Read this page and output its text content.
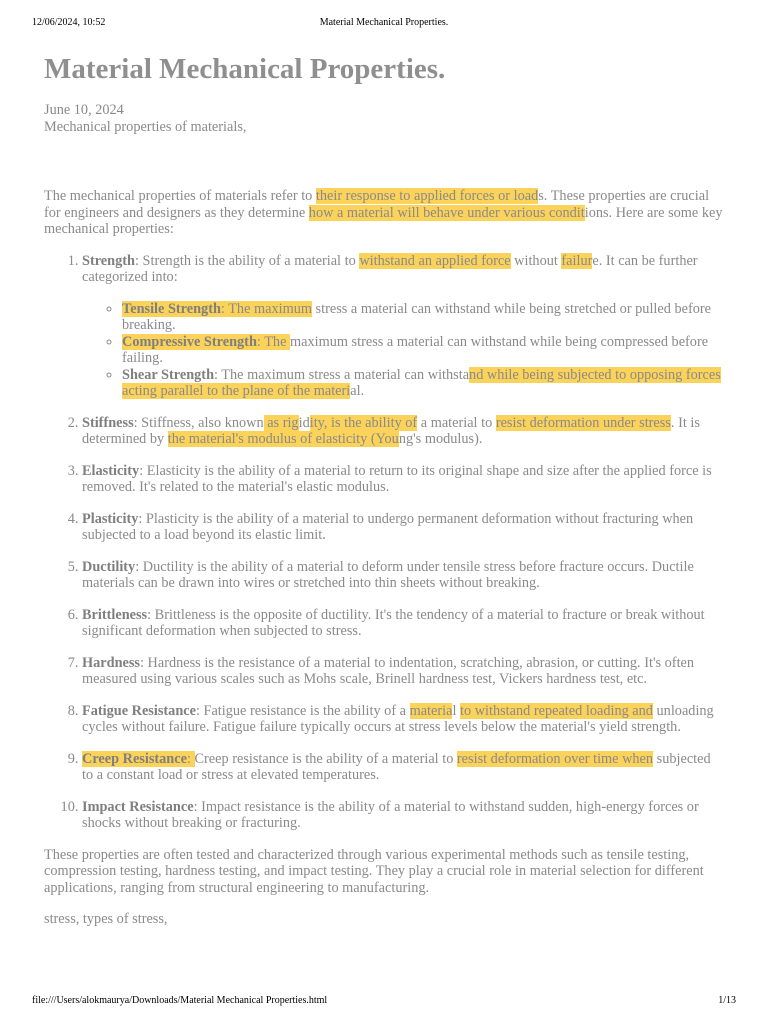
12/06/2024, 10:52	Material Mechanical Properties.
Material Mechanical Properties.

June 10, 2024

Mechanical properties of materials,

The mechanical properties of materials refer to their response to applied forces or loads. These properties are crucial for engineers and designers as they determine how a material will behave under various conditions. Here are some key mechanical properties:

1. Strength: Strength is the ability of a material to withstand an applied force without failure. It can be further categorized into:
◦ Tensile Strength: The maximum stress a material can withstand while being stretched or pulled before breaking.
◦ Compressive Strength: The maximum stress a material can withstand while being compressed before failing.
◦ Shear Strength: The maximum stress a material can withstand while being subjected to opposing forces acting parallel to the plane of the material.
2. Stiffness: Stiffness, also known as rigidity, is the ability of a material to resist deformation under stress. It is determined by the material's modulus of elasticity (Young's modulus).
3. Elasticity: Elasticity is the ability of a material to return to its original shape and size after the applied force is removed. It's related to the material's elastic modulus.
4. Plasticity: Plasticity is the ability of a material to undergo permanent deformation without fracturing when subjected to a load beyond its elastic limit.
5. Ductility: Ductility is the ability of a material to deform under tensile stress before fracture occurs. Ductile materials can be drawn into wires or stretched into thin sheets without breaking.
6. Brittleness: Brittleness is the opposite of ductility. It's the tendency of a material to fracture or break without significant deformation when subjected to stress.
7. Hardness: Hardness is the resistance of a material to indentation, scratching, abrasion, or cutting. It's often measured using various scales such as Mohs scale, Brinell hardness test, Vickers hardness test, etc.
8. Fatigue Resistance: Fatigue resistance is the ability of a material to withstand repeated loading and unloading cycles without failure. Fatigue failure typically occurs at stress levels below the material's yield strength.
9. Creep Resistance: Creep resistance is the ability of a material to resist deformation over time when subjected to a constant load or stress at elevated temperatures.
10. Impact Resistance: Impact resistance is the ability of a material to withstand sudden, high-energy forces or shocks without breaking or fracturing.

These properties are often tested and characterized through various experimental methods such as tensile testing, compression testing, hardness testing, and impact testing. They play a crucial role in material selection for different applications, ranging from structural engineering to manufacturing.

stress, types of stress,

file:///Users/alokmaurya/Downloads/Material Mechanical Properties.html	1/13
